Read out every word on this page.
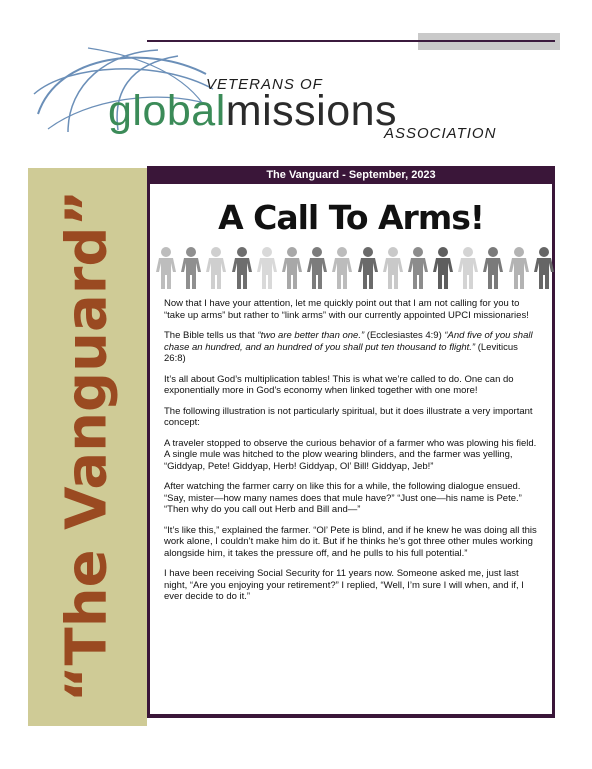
VETERANS OF
globalmissions
ASSOCIATION
“The Vanguard”
The Vanguard - September, 2023
A Call To Arms!

Now that I have your attention, let me quickly point out that I am not calling for you to “take up arms” but rather to “link arms” with our currently appointed UPCI missionaries!

The Bible tells us that “two are better than one.” (Ecclesiastes 4:9) “And five of you shall chase an hundred, and an hundred of you shall put ten thousand to flight.” (Leviticus 26:8)

It’s all about God’s multiplication tables! This is what we’re called to do. One can do exponentially more in God’s economy when linked together with one more!

The following illustration is not particularly spiritual, but it does illustrate a very important concept:

A traveler stopped to observe the curious behavior of a farmer who was plowing his field. A single mule was hitched to the plow wearing blinders, and the farmer was yelling, “Giddyap, Pete! Giddyap, Herb! Giddyap, Ol’ Bill! Giddyap, Jeb!”

After watching the farmer carry on like this for a while, the following dialogue ensued. “Say, mister—how many names does that mule have?” “Just one—his name is Pete.” “Then why do you call out Herb and Bill and—”

“It’s like this,” explained the farmer. “Ol’ Pete is blind, and if he knew he was doing all this work alone, I couldn’t make him do it. But if he thinks he’s got three other mules working alongside him, it takes the pressure off, and he pulls to his full potential.”

I have been receiving Social Security for 11 years now. Someone asked me, just last night, “Are you enjoying your retirement?” I replied, “Well, I’m sure I will when, and if, I ever decide to do it.”
